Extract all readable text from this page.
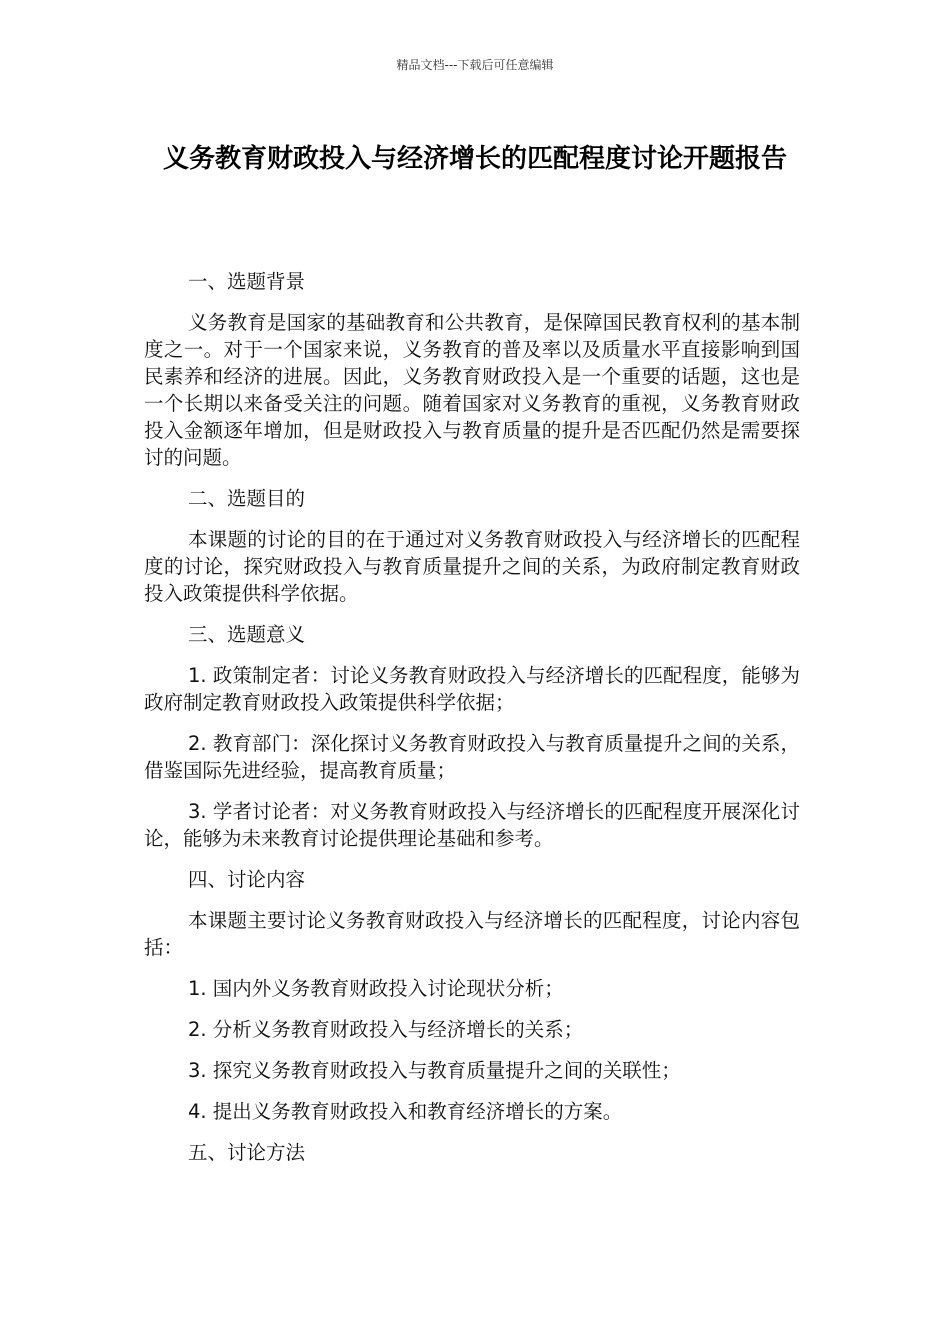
精品文档---下载后可任意编辑
义务教育财政投入与经济增长的匹配程度讨论开题报告

一、选题背景

义务教育是国家的基础教育和公共教育，是保障国民教育权利的基本制度之一。对于一个国家来说，义务教育的普及率以及质量水平直接影响到国民素养和经济的进展。因此，义务教育财政投入是一个重要的话题，这也是一个长期以来备受关注的问题。随着国家对义务教育的重视，义务教育财政投入金额逐年增加，但是财政投入与教育质量的提升是否匹配仍然是需要探讨的问题。

二、选题目的

本课题的讨论的目的在于通过对义务教育财政投入与经济增长的匹配程度的讨论，探究财政投入与教育质量提升之间的关系，为政府制定教育财政投入政策提供科学依据。

三、选题意义

1. 政策制定者：讨论义务教育财政投入与经济增长的匹配程度，能够为政府制定教育财政投入政策提供科学依据；

2. 教育部门：深化探讨义务教育财政投入与教育质量提升之间的关系，借鉴国际先进经验，提高教育质量；

3. 学者讨论者：对义务教育财政投入与经济增长的匹配程度开展深化讨论，能够为未来教育讨论提供理论基础和参考。

四、讨论内容

本课题主要讨论义务教育财政投入与经济增长的匹配程度，讨论内容包括：

1. 国内外义务教育财政投入讨论现状分析；

2. 分析义务教育财政投入与经济增长的关系；

3. 探究义务教育财政投入与教育质量提升之间的关联性；

4. 提出义务教育财政投入和教育经济增长的方案。

五、讨论方法
